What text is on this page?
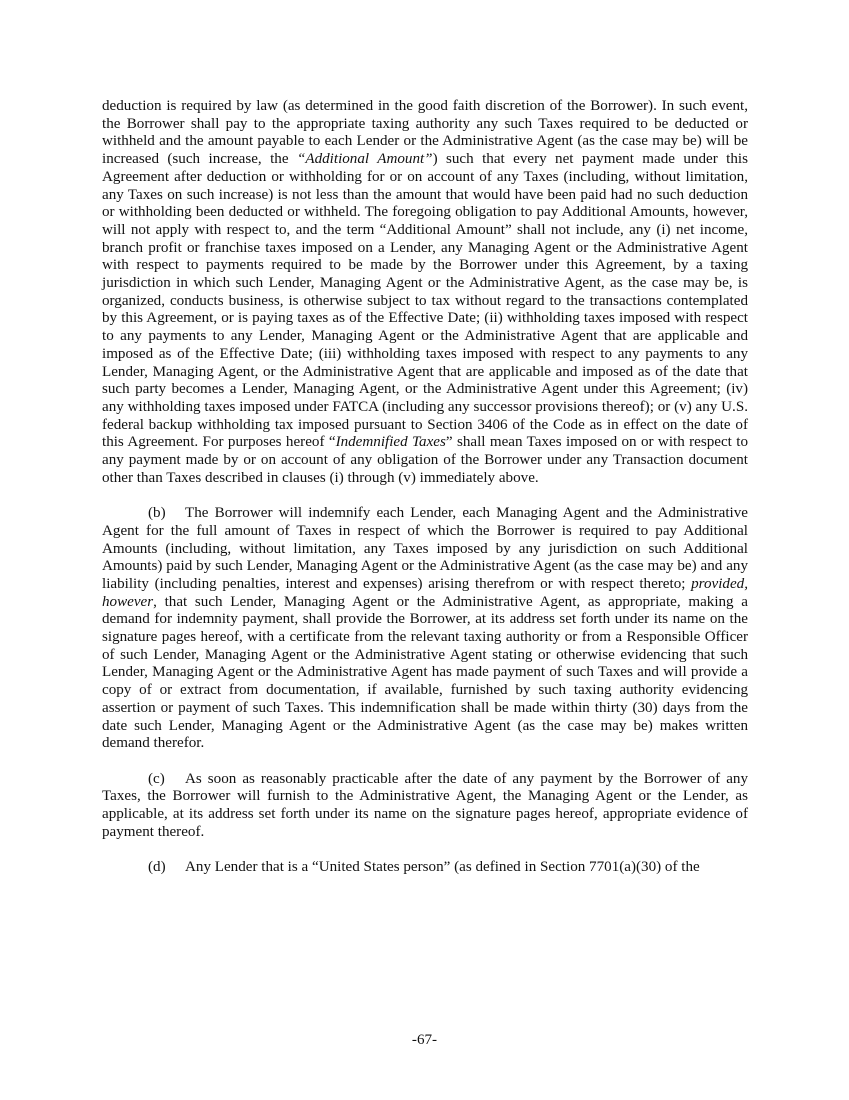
deduction is required by law (as determined in the good faith discretion of the Borrower). In such event, the Borrower shall pay to the appropriate taxing authority any such Taxes required to be deducted or withheld and the amount payable to each Lender or the Administrative Agent (as the case may be) will be increased (such increase, the “Additional Amount”) such that every net payment made under this Agreement after deduction or withholding for or on account of any Taxes (including, without limitation, any Taxes on such increase) is not less than the amount that would have been paid had no such deduction or withholding been deducted or withheld. The foregoing obligation to pay Additional Amounts, however, will not apply with respect to, and the term “Additional Amount” shall not include, any (i) net income, branch profit or franchise taxes imposed on a Lender, any Managing Agent or the Administrative Agent with respect to payments required to be made by the Borrower under this Agreement, by a taxing jurisdiction in which such Lender, Managing Agent or the Administrative Agent, as the case may be, is organized, conducts business, is otherwise subject to tax without regard to the transactions contemplated by this Agreement, or is paying taxes as of the Effective Date; (ii) withholding taxes imposed with respect to any payments to any Lender, Managing Agent or the Administrative Agent that are applicable and imposed as of the Effective Date; (iii) withholding taxes imposed with respect to any payments to any Lender, Managing Agent, or the Administrative Agent that are applicable and imposed as of the date that such party becomes a Lender, Managing Agent, or the Administrative Agent under this Agreement; (iv) any withholding taxes imposed under FATCA (including any successor provisions thereof); or (v) any U.S. federal backup withholding tax imposed pursuant to Section 3406 of the Code as in effect on the date of this Agreement. For purposes hereof “Indemnified Taxes” shall mean Taxes imposed on or with respect to any payment made by or on account of any obligation of the Borrower under any Transaction document other than Taxes described in clauses (i) through (v) immediately above.

(b) The Borrower will indemnify each Lender, each Managing Agent and the Administrative Agent for the full amount of Taxes in respect of which the Borrower is required to pay Additional Amounts (including, without limitation, any Taxes imposed by any jurisdiction on such Additional Amounts) paid by such Lender, Managing Agent or the Administrative Agent (as the case may be) and any liability (including penalties, interest and expenses) arising therefrom or with respect thereto; provided, however, that such Lender, Managing Agent or the Administrative Agent, as appropriate, making a demand for indemnity payment, shall provide the Borrower, at its address set forth under its name on the signature pages hereof, with a certificate from the relevant taxing authority or from a Responsible Officer of such Lender, Managing Agent or the Administrative Agent stating or otherwise evidencing that such Lender, Managing Agent or the Administrative Agent has made payment of such Taxes and will provide a copy of or extract from documentation, if available, furnished by such taxing authority evidencing assertion or payment of such Taxes. This indemnification shall be made within thirty (30) days from the date such Lender, Managing Agent or the Administrative Agent (as the case may be) makes written demand therefor.

(c) As soon as reasonably practicable after the date of any payment by the Borrower of any Taxes, the Borrower will furnish to the Administrative Agent, the Managing Agent or the Lender, as applicable, at its address set forth under its name on the signature pages hereof, appropriate evidence of payment thereof.

(d) Any Lender that is a “United States person” (as defined in Section 7701(a)(30) of the

-67-
